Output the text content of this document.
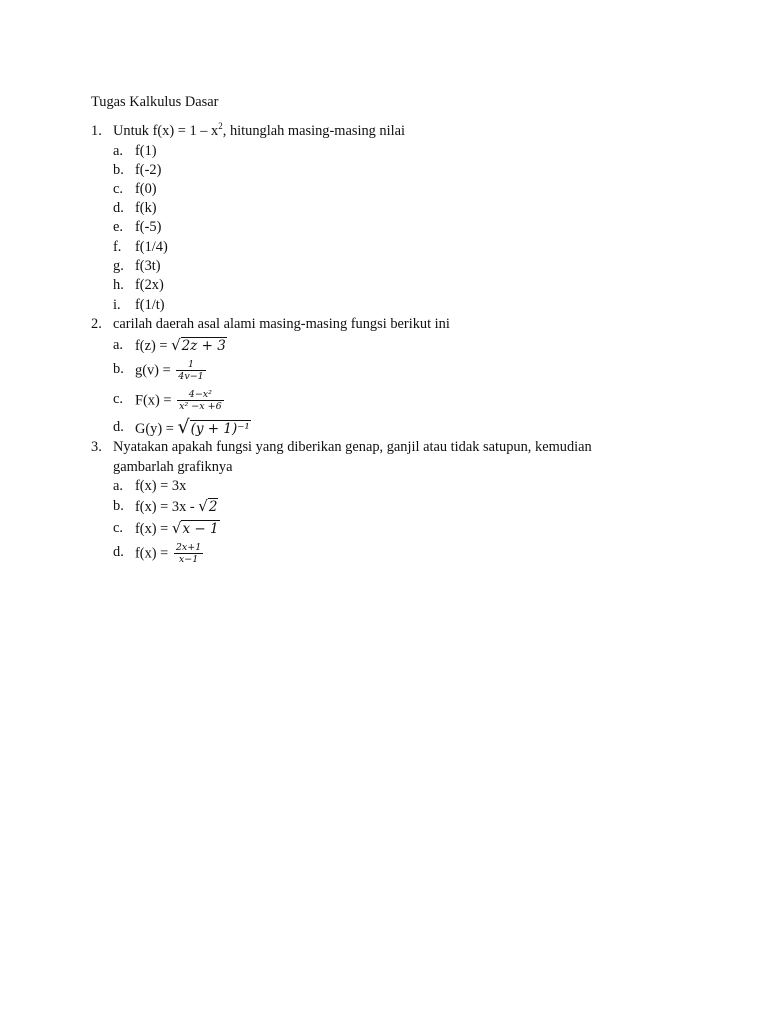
Tugas Kalkulus Dasar
1. Untuk $f(x) = 1 - x^2$, hitunglah masing-masing nilai
a. f(1)
b. f(-2)
c. f(0)
d. f(k)
e. f(-5)
f. f(1/4)
g. f(3t)
h. f(2x)
i. f(1/t)
2. carilah daerah asal alami masing-masing fungsi berikut ini
a. f(z) = √2z + 3
b. $g(v) = \frac{1}{4v-1}$
c. $F(x) = \frac{\text{4−x²}}{\text{x² −x +6}}$
d. G(y) = √(y + 1)⁻¹
3. Nyatakan apakah fungsi yang diberikan genap, ganjil atau tidak satupun, kemudian
gambarlah grafiknya
a. f(x) = 3x
b. f(x) = 3x - √2
c. f(x) = √x − 1
d. $f(x) = \frac{2x+1}{x-1}$
